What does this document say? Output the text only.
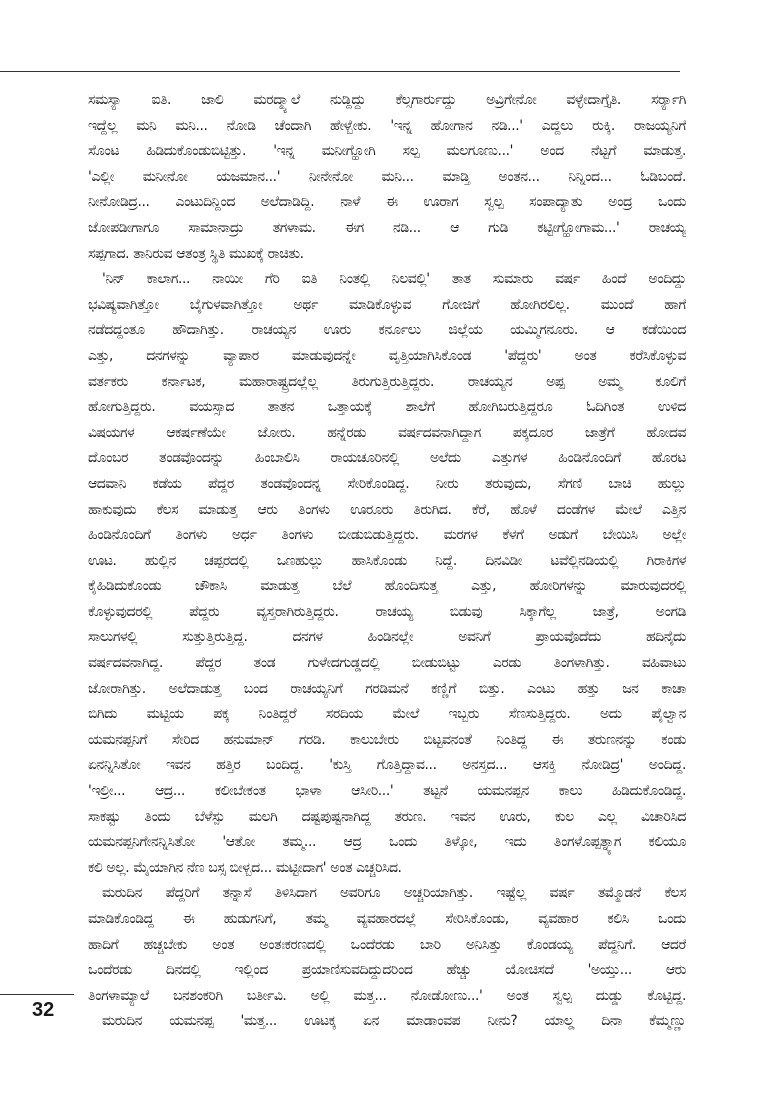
ಸಮಸ್ಯಾ ಐತಿ. ಜಾಲಿ ಮರದ್ಮ್ಯಾಲೆ ನುಡ್ದಿದ್ದು ಕೆಲ್ಸಗಾರ್ರುದ್ದು ಅವ್ರಿಗೇನೋ ವಳ್ಳೇದಾಗ್ತೈತಿ. ಸರ್ರ್ಯಾಗಿ
ಇದ್ದೆಲ್ಲ ಮನಿ ಮನಿ... ನೋಡಿ ಚೆಂದಾಗಿ ಹೇಳ್ಬೇಕು. 'ಇನ್ನ ಹೋಗಾನ ನಡಿ...' ಎದ್ದಲು ರುಕ್ಕಿ. ರಾಜಯ್ಯನಿಗೆ
ಸೊಂಟ ಹಿಡಿದುಕೊಂಡುಬಿಟ್ಟಿತ್ತು. 'ಇನ್ನ ಮನೀಗ್ಹೋಗಿ ಸಲ್ಪ ಮಲಗೂಣು...' ಅಂದ ನೆಟ್ಟಗೆ ಮಾಡುತ್ತ.
'ಎಲ್ಲೀ ಮನೀನೋ ಯಜಮಾನ...' ನೀನೇನೋ ಮನಿ... ಮಾಡ್ತಿ ಅಂತನ... ನಿನ್ನಿಂದ... ಓಡಿಬಂದೆ.
ನೀನೋಡಿದ್ರ... ಎಂಟುದಿನ್ದಿಂದ ಅಲೆದಾಡಿದ್ದಿ. ನಾಳೆ ಈ ಊರಾಗ ಸ್ವಲ್ಪ ಸಂಪಾದ್ಯಾತು ಅಂದ್ರ ಒಂದು
ಜೋಪಡೀಗಾಗೂ ಸಾಮಾನಾದ್ರು ತಗಳಾಮ. ಈಗ ನಡಿ... ಆ ಗುಡಿ ಕಟ್ಟೀಗ್ಹೋಗಾಮ...' ರಾಚಯ್ಯ
ಸಪ್ಪಗಾದ. ತಾನಿರುವ ಆತಂತ್ರ ಸ್ಥಿತಿ ಮುಖಕ್ಕೆ ರಾಚಿತು.
'ನಿನ್ ಕಾಲಾಗ... ನಾಯೀ ಗೆರಿ ಐತಿ ನಿಂತಲ್ಲಿ ನಿಲವಲ್ಲಿ' ತಾತ ಸುಮಾರು ವರ್ಷ ಹಿಂದೆ ಅಂದಿದ್ದು
ಭವಿಷ್ಯವಾಗಿತ್ತೋ ಬೈಗುಳವಾಗಿತ್ತೋ ಅರ್ಥ ಮಾಡಿಕೊಳ್ಳುವ ಗೋಜಿಗೆ ಹೋಗಿರಲಿಲ್ಲ. ಮುಂದೆ ಹಾಗೆ
ನಡೆದದ್ದಂತೂ ಹೌದಾಗಿತ್ತು. ರಾಚಯ್ಯನ ಊರು ಕರ್ನೂಲು ಜಿಲ್ಲೆಯ ಯಮ್ಮಿಗನೂರು. ಆ ಕಡೆಯಿಂದ
ಎತ್ತು, ದನಗಳನ್ನು ವ್ಯಾಪಾರ ಮಾಡುವುದನ್ನೇ ವೃತ್ತಿಯಾಗಿಸಿಕೊಂಡ 'ಪೆದ್ದರು' ಅಂತ ಕರೆಸಿಕೊಳ್ಳುವ
ವರ್ತಕರು ಕರ್ನಾಟಕ, ಮಹಾರಾಷ್ಟ್ರದಲ್ಲೆಲ್ಲ ತಿರುಗುತ್ತಿರುತ್ತಿದ್ದರು. ರಾಚಯ್ಯನ ಅಪ್ಪ ಅಮ್ಮ ಕೂಲಿಗೆ
ಹೋಗುತ್ತಿದ್ದರು. ವಯಸ್ಸಾದ ತಾತನ ಒತ್ತಾಯಕ್ಕೆ ಶಾಲೆಗೆ ಹೋಗಿಬರುತ್ತಿದ್ದರೂ ಓದಿಗಿಂತ ಉಳಿದ
ವಿಷಯಗಳ ಆಕರ್ಷಣೆಯೇ ಜೋರು. ಹನ್ನೆರಡು ವರ್ಷದವನಾಗಿದ್ದಾಗ ಪಕ್ಕದೂರ ಜಾತ್ರೆಗೆ ಹೋದವ
ದೊಂಬರ ತಂಡವೊಂದನ್ನು ಹಿಂಬಾಲಿಸಿ ರಾಯಚೂರಿನಲ್ಲಿ ಅಲೆದು ಎತ್ತುಗಳ ಹಿಂಡಿನೊಂದಿಗೆ ಹೊರಟ
ಆದವಾನಿ ಕಡೆಯ ಪೆದ್ದರ ತಂಡವೊಂದನ್ನ ಸೇರಿಕೊಂಡಿದ್ದ. ನೀರು ತರುವುದು, ಸೆಗಣಿ ಬಾಚಿ ಹುಲ್ಲು
ಹಾಕುವುದು ಕೆಲಸ ಮಾಡುತ್ತ ಆರು ತಿಂಗಳು ಊರೂರು ತಿರುಗಿದ. ಕೆರೆ, ಹೊಳೆ ದಂಡೆಗಳ ಮೇಲೆ ಎತ್ತಿನ
ಹಿಂಡಿನೊಂದಿಗೆ ತಿಂಗಳು ಅರ್ಧ ತಿಂಗಳು ಬೀಡುಬಿಡುತ್ತಿದ್ದರು. ಮರಗಳ ಕೆಳಗೆ ಅಡುಗೆ ಬೇಯಿಸಿ ಅಲ್ಲೇ
ಊಟ. ಹುಲ್ಲಿನ ಚಪ್ಪರದಲ್ಲಿ ಒಣಹುಲ್ಲು ಹಾಸಿಕೊಂಡು ನಿದ್ದೆ. ದಿನವಿಡೀ ಟವೆಲ್ಲಿನಡಿಯಲ್ಲಿ ಗಿರಾಕಿಗಳ
ಕೈಹಿಡಿದುಕೊಂಡು ಚೌಕಾಸಿ ಮಾಡುತ್ತ ಬೆಲೆ ಹೊಂದಿಸುತ್ತ ಎತ್ತು, ಹೋರಿಗಳನ್ನು ಮಾರುವುದರಲ್ಲಿ
ಕೊಳ್ಳುವುದರಲ್ಲಿ ಪೆದ್ದರು ವ್ಯಸ್ತರಾಗಿರುತ್ತಿದ್ದರು. ರಾಚಯ್ಯ ಬಿಡುವು ಸಿಕ್ಕಾಗೆಲ್ಲ ಜಾತ್ರೆ, ಅಂಗಡಿ
ಸಾಲುಗಳಲ್ಲಿ ಸುತ್ತುತ್ತಿರುತ್ತಿದ್ದ. ದನಗಳ ಹಿಂಡಿನಲ್ಲೇ ಅವನಿಗೆ ಪ್ರಾಯವೊದೆದು ಹದಿನೈದು
ವರ್ಷದವನಾಗಿದ್ದ. ಪೆದ್ದರ ತಂಡ ಗುಳೇದಗುಡ್ಡದಲ್ಲಿ ಬೀಡುಬಿಟ್ಟು ಎರಡು ತಿಂಗಳಾಗಿತ್ತು. ವಹಿವಾಟು
ಜೋರಾಗಿತ್ತು. ಅಲೆದಾಡುತ್ತ ಬಂದ ರಾಚಯ್ಯನಿಗೆ ಗರಡಿಮನೆ ಕಣ್ಣಿಗೆ ಬಿತ್ತು. ಎಂಟು ಹತ್ತು ಜನ ಕಾಚಾ
ಬಿಗಿದು ಮಟ್ಟಿಯ ಪಕ್ಕ ನಿಂತಿದ್ದರೆ ಸರದಿಯ ಮೇಲೆ ಇಬ್ಬರು ಸೆಣಸುತ್ತಿದ್ದರು. ಅದು ಪೈಲ್ವಾನ
ಯಮನಪ್ಪನಿಗೆ ಸೇರಿದ ಹನುಮಾನ್ ಗರಡಿ. ಕಾಲುಬೇರು ಬಿಟ್ಟವನಂತೆ ನಿಂತಿದ್ದ ಈ ತರುಣನನ್ನು ಕಂಡು
ಏನನ್ನಿಸಿತೋ ಇವನ ಹತ್ತಿರ ಬಂದಿದ್ದ. 'ಕುಸ್ತಿ ಗೊತ್ತಿದ್ದಾವ... ಅನಸ್ತದ... ಆಸಕ್ತಿ ನೋಡಿದ್ರ' ಅಂದಿದ್ದ.
'ಇಲ್ರೀ... ಆದ್ರ... ಕಲೀಬೇಕಂತ ಭಾಳಾ ಆಸೀರಿ...' ತಟ್ಟನೆ ಯಮನಪ್ಪನ ಕಾಲು ಹಿಡಿದುಕೊಂಡಿದ್ದ.
ಸಾಕಷ್ಟು ತಿಂದು ಬೆಳೆಸ್ಪು ಮಲಗಿ ದಷ್ಟಪುಷ್ಟನಾಗಿದ್ದ ತರುಣ. ಇವನ ಊರು, ಕುಲ ಎಲ್ಲ ವಿಚಾರಿಸಿದ
ಯಮನಪ್ಪನಿಗೇನನ್ನಿಸಿತೋ 'ಆತೋ ತಮ್ಮ... ಆದ್ರ ಒಂದು ತಿಳ್ಕೋ, ಇದು ತಿಂಗಳೊಪ್ಪತ್ನ್ಯಾಗ ಕಲಿಯೂ
ಕಲಿ ಅಲ್ಲ. ಮೈಯಾಗಿನ ನೆಣ ಬಸ್ಸ ಬೀಳ್ಬದ... ಮಟ್ಟೀದಾಗ' ಅಂತ ಎಚ್ಚರಿಸಿದ.
ಮರುದಿನ ಪೆದ್ದರಿಗೆ ತನ್ನಾಸೆ ತಿಳಿಸಿದಾಗ ಅವರಿಗೂ ಅಚ್ಚರಿಯಾಗಿತ್ತು. ಇಷ್ಟೆಲ್ಲ ವರ್ಷ ತಮ್ಮೊಡನೆ ಕೆಲಸ
ಮಾಡಿಕೊಂಡಿದ್ದ ಈ ಹುಡುಗನಿಗೆ, ತಮ್ಮ ವ್ಯವಹಾರದಲ್ಲೆ ಸೇರಿಸಿಕೊಂಡು, ವ್ಯವಹಾರ ಕಲಿಸಿ ಒಂದು
ಹಾದಿಗೆ ಹಚ್ಚಬೇಕು ಅಂತ ಅಂತಃಕರಣದಲ್ಲಿ ಒಂದೆರಡು ಬಾರಿ ಅನಿಸಿತ್ತು ಕೊಂಡಯ್ಯ ಪೆದ್ದನಿಗೆ. ಆದರೆ
ಒಂದೆರಡು ದಿನದಲ್ಲಿ ಇಲ್ಲಿಂದ ಪ್ರಯಾಣಿಸುವದಿದ್ದುದರಿಂದ ಹೆಚ್ಚು ಯೋಚಿಸದೆ 'ಅಯ್ತು... ಆರು
ತಿಂಗಳಾಮ್ಯಾಲೆ ಬನಶಂಕರಿಗಿ ಬರ್ತೀವಿ. ಅಲ್ಲಿ ಮತ್ತ... ನೋಡೋಣು...' ಅಂತ ಸ್ವಲ್ಪ ದುಡ್ಡು ಕೊಟ್ಟಿದ್ದ.
ಮರುದಿನ ಯಮನಪ್ಪ 'ಮತ್ತ... ಊಟಕ್ಕ ಏನ ಮಾಡಾಂವಪ ನೀನು? ಯಾಲ್ಡ ದಿನಾ ಕೆಮ್ಮಣ್ಣು
32
